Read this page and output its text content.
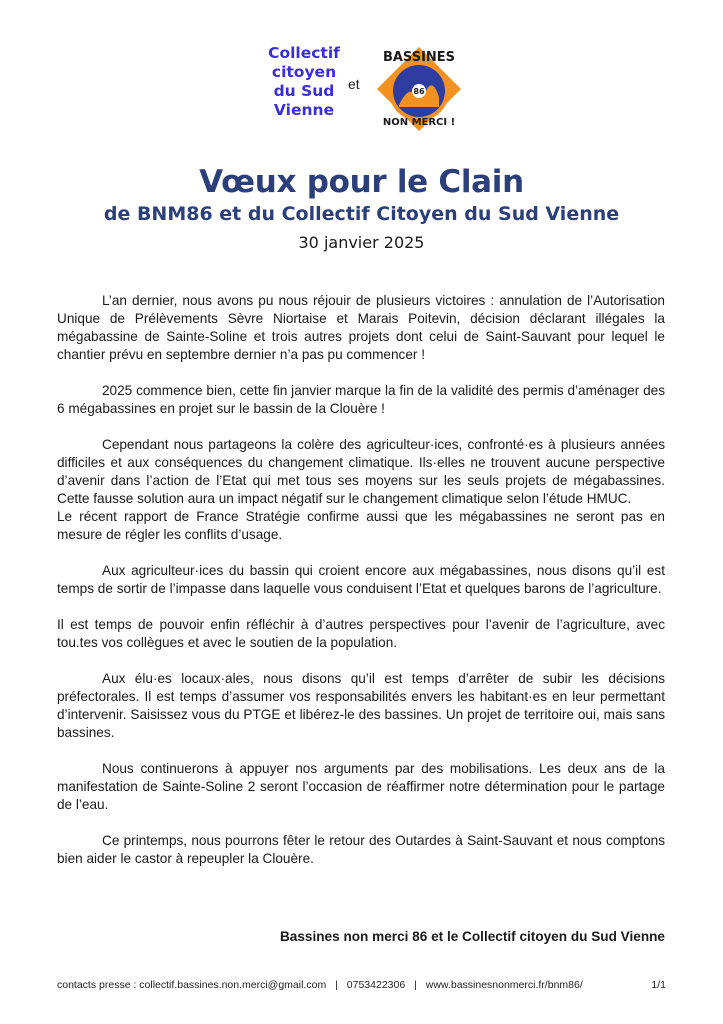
Collectif
citoyen
du Sud
Vienne
et	86
BASSINES
NON MERCI !
Vœux pour le Clain
de BNM86 et du Collectif Citoyen du Sud Vienne
30 janvier 2025

L’an dernier, nous avons pu nous réjouir de plusieurs victoires : annulation de l’Autorisation Unique de Prélèvements Sèvre Niortaise et Marais Poitevin, décision déclarant illégales la mégabassine de Sainte-Soline et trois autres projets dont celui de Saint-Sauvant pour lequel le chantier prévu en septembre dernier n’a pas pu commencer !

2025 commence bien, cette fin janvier marque la fin de la validité des permis d’aménager des 6 mégabassines en projet sur le bassin de la Clouère !

Cependant nous partageons la colère des agriculteur·ices, confronté·es à plusieurs années difficiles et aux conséquences du changement climatique. Ils·elles ne trouvent aucune perspective d’avenir dans l’action de l’Etat qui met tous ses moyens sur les seuls projets de mégabassines. Cette fausse solution aura un impact négatif sur le changement climatique selon l’étude HMUC.

Le récent rapport de France Stratégie confirme aussi que les mégabassines ne seront pas en mesure de régler les conflits d’usage.

Aux agriculteur·ices du bassin qui croient encore aux mégabassines, nous disons qu’il est temps de sortir de l’impasse dans laquelle vous conduisent l’Etat et quelques barons de l’agriculture.

Il est temps de pouvoir enfin réfléchir à d’autres perspectives pour l’avenir de l’agriculture, avec tou.tes vos collègues et avec le soutien de la population.

Aux élu·es locaux·ales, nous disons qu’il est temps d’arrêter de subir les décisions préfectorales. Il est temps d’assumer vos responsabilités envers les habitant·es en leur permettant d’intervenir. Saisissez vous du PTGE et libérez-le des bassines. Un projet de territoire oui, mais sans bassines.

Nous continuerons à appuyer nos arguments par des mobilisations. Les deux ans de la manifestation de Sainte-Soline 2 seront l’occasion de réaffirmer notre détermination pour le partage de l’eau.

Ce printemps, nous pourrons fêter le retour des Outardes à Saint-Sauvant et nous comptons bien aider le castor à repeupler la Clouère.

Bassines non merci 86 et le Collectif citoyen du Sud Vienne
contacts presse : collectif.bassines.non.merci@gmail.com | 0753422306 | www.bassinesnonmerci.fr/bnm86/	1/1
